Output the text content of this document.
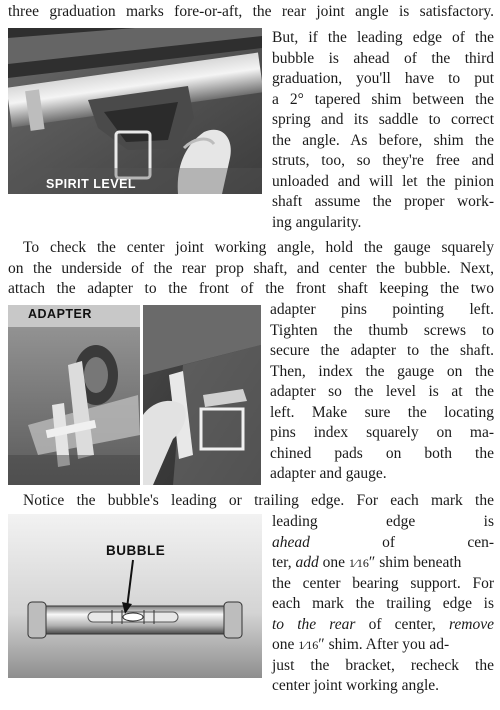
three graduation marks fore-or-aft, the rear joint angle is satisfactory.
SPIRIT LEVEL
But, if the leading edge of the
bubble is ahead of the third
graduation, you'll have to put
a 2° tapered shim between the
spring and its saddle to correct
the angle. As before, shim the
struts, too, so they're free and
unloaded and will let the pinion
shaft assume the proper work-
ing angularity.
To check the center joint working angle, hold the gauge squarely
on the underside of the rear prop shaft, and center the bubble. Next,
attach the adapter to the front of the front shaft keeping the two
ADAPTER	adapter pins pointing left.
Tighten the thumb screws to
secure the adapter to the shaft.
Then, index the gauge on the
adapter so the level is at the
left. Make sure the locating
pins index squarely on ma-
chined pads on both the
adapter and gauge.
Notice the bubble's leading or trailing edge. For each mark the
BUBBLE
leading edge is
ahead	of cen-
ter, add one 1⁄16″ shim beneath
the center bearing support. For
each mark the trailing edge is
to the rear of center, remove
one 1⁄16″ shim. After you ad-
just the bracket, recheck the
center joint working angle.
